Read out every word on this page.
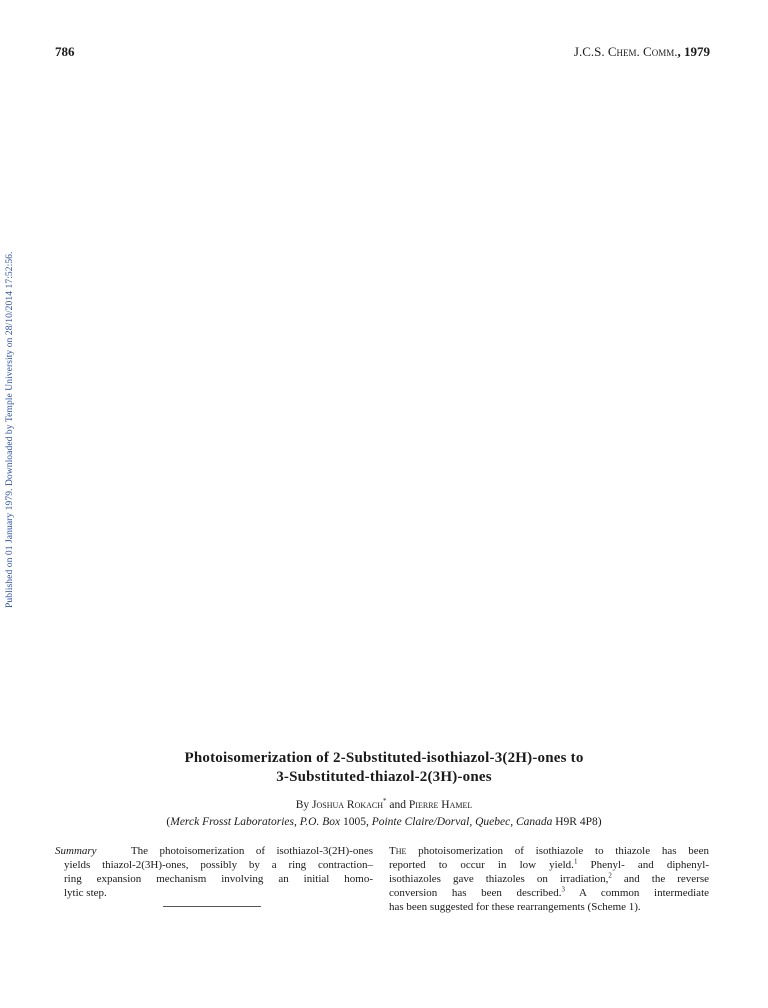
786	J.C.S. Chem. Comm., 1979
Published on 01 January 1979. Downloaded by Temple University on 28/10/2014 17:52:56.
Photoisomerization of 2-Substituted-isothiazol-3(2H)-ones to
3-Substituted-thiazol-2(3H)-ones
By Joshua Rokach* and Pierre Hamel
(Merck Frosst Laboratories, P.O. Box 1005, Pointe Claire/Dorval, Quebec, Canada H9R 4P8)
Summary	The photoisomerization of isothiazol-3(2H)-ones
yields thiazol-2(3H)-ones, possibly by a ring contraction–
ring expansion mechanism involving an initial homo-
lytic step.
The photoisomerization of isothiazole to thiazole has been
reported to occur in low yield.$^1$ Phenyl- and diphenyl-
isothiazoles gave thiazoles on irradiation,$^2$ and the reverse
conversion has been described.$^3$ A common intermediate
has been suggested for these rearrangements (Scheme 1).
